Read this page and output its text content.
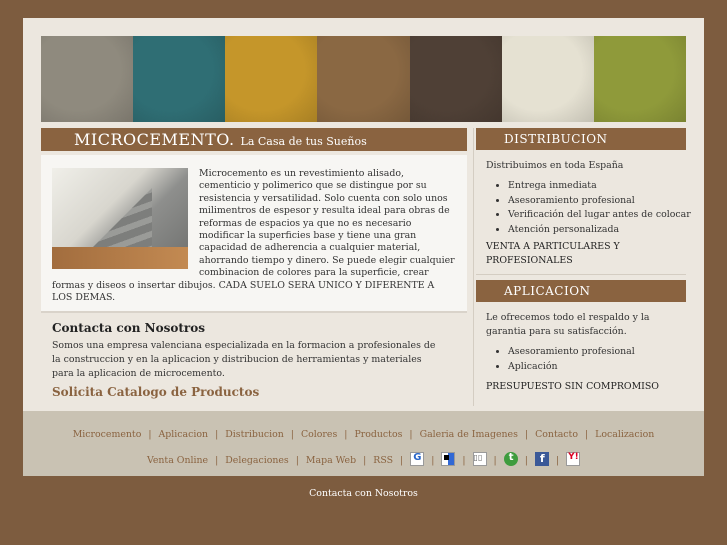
MICROCEMENTO. La Casa de tus Sueños
Microcemento es un revestimiento alisado, cementicio y polimerico que se distingue por su resistencia y versatilidad. Solo cuenta con solo unos milimentros de espesor y resulta ideal para obras de reformas de espacios ya que no es necesario modificar la superficies base y tiene una gran capacidad de adherencia a cualquier material, ahorrando tiempo y dinero. Se puede elegir cualquier combinacion de colores para la superficie, crear formas y diseos o insertar dibujos. CADA SUELO SERA UNICO Y DIFERENTE A LOS DEMAS.
Contacta con Nosotros
Somos una empresa valenciana especializada en la formacion a profesionales de la construccion y en la aplicacion y distribucion de herramientas y materiales para la aplicacion de microcemento.
Solicita Catalogo de Productos
DISTRIBUCION
Distribuimos en toda España
• Entrega inmediata
• Asesoramiento profesional
• Verificación del lugar antes de colocar
• Atención personalizada
VENTA A PARTICULARES Y PROFESIONALES
APLICACION
Le ofrecemos todo el respaldo y la garantia para su satisfacción.
• Asesoramiento profesional
• Aplicación
PRESUPUESTO SIN COMPROMISO
Microcemento | Aplicacion | Distribucion | Colores | Productos | Galeria de Imagenes | Contacto | Localizacion
Venta Online | Delegaciones | Mapa Web | RSS | G	|	| ▯▯	| t	| f	|Y!
Contacta con Nosotros
